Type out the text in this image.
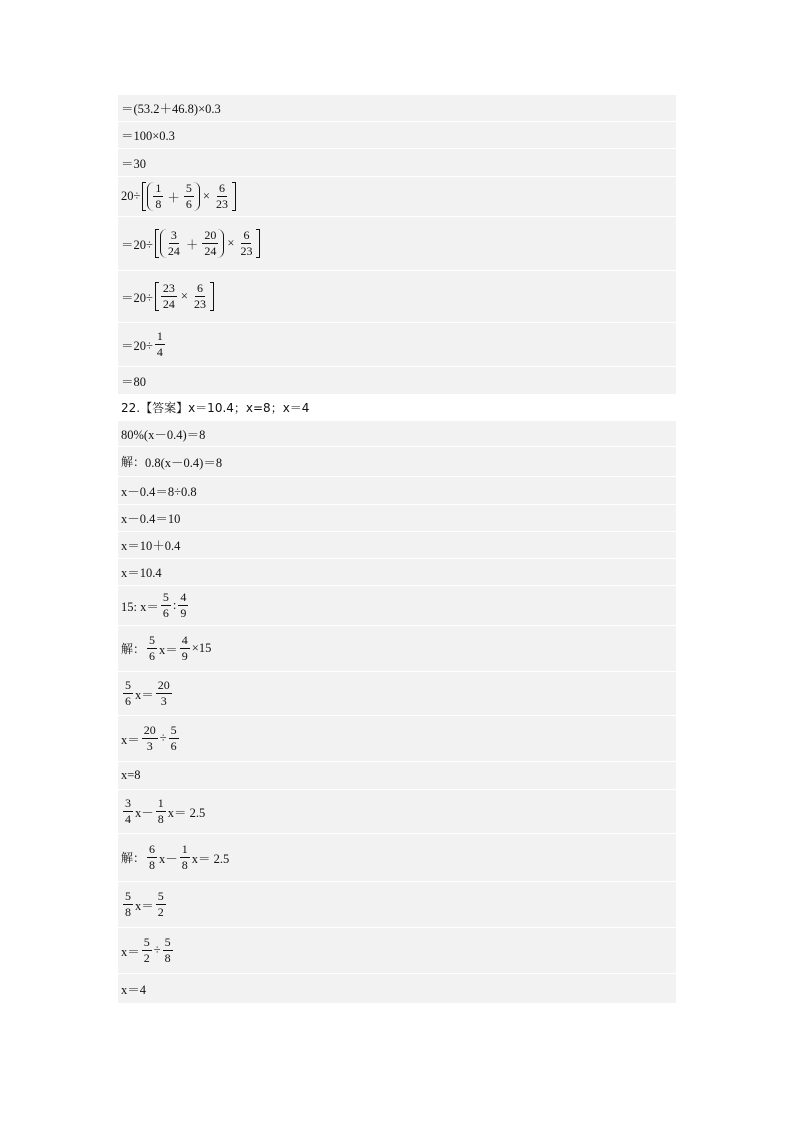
＝(53.2＋46.8)×0.3
＝100×0.3
＝30
$20\div \frac{1}{8} + \frac{5}{6} \times \frac{6}{23}$
$=20\div \frac{3}{24} + \frac{20}{24} \times \frac{6}{23}$
$=20\div \frac{23}{24} \times \frac{6}{23}$
$=20\div \frac{1}{4}$
＝80
22.【答案】x＝10.4；x=8；x＝4
80%(x－0.4)＝8
解： 0.8(x－0.4)＝8
x－0.4＝8÷0.8
x－0.4＝10
x＝10＋0.4
x＝10.4
15: $x= \frac{5}{6}$ : $\frac{4}{9}$
解： $\frac{5}{6} x= \frac{4}{9} \times 15$
$\frac{5}{6} x= \frac{20}{3}$
$x= \frac{20}{3} \div \frac{5}{6}$
x=8
$\frac{3}{4} x- \frac{1}{8} x= 2.5$
解： $\frac{6}{8} x- \frac{1}{8} x= 2.5$
$\frac{5}{8} x= \frac{5}{2}$
$x= \frac{5}{2} \div \frac{5}{8}$
x＝4
